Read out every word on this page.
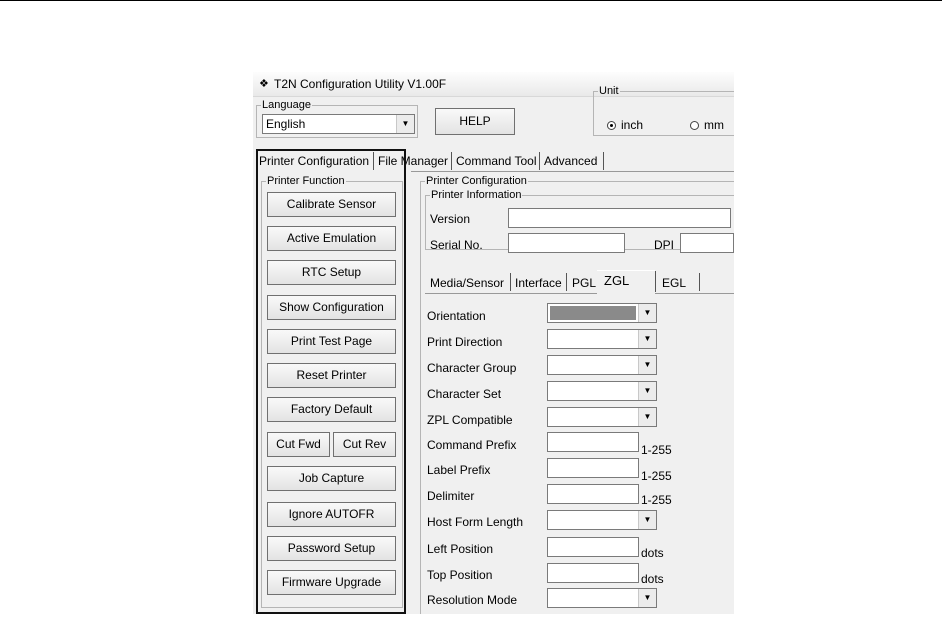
❖ T2N Configuration Utility V1.00F
Language
English	▼	HELP
Unit
inch	mm
Printer Configuration File Manager Command Tool Advanced
Printer Function
Calibrate Sensor
Active Emulation
RTC Setup
Show Configuration
Print Test Page
Reset Printer
Factory Default
Cut Fwd	Cut Rev
Job Capture
Ignore AUTOFR
Password Setup
Firmware Upgrade
Printer Configuration
Printer Information
Version
Serial No.	DPI
Media/Sensor Interface PGL ZGL	EGL
Orientation	▼
Print Direction	▼
Character Group	▼
Character Set	▼
ZPL Compatible	▼
Command Prefix	1-255
Label Prefix	1-255
Delimiter	1-255
Host Form Length	▼
Left Position	dots
Top Position	dots
Resolution Mode	▼
